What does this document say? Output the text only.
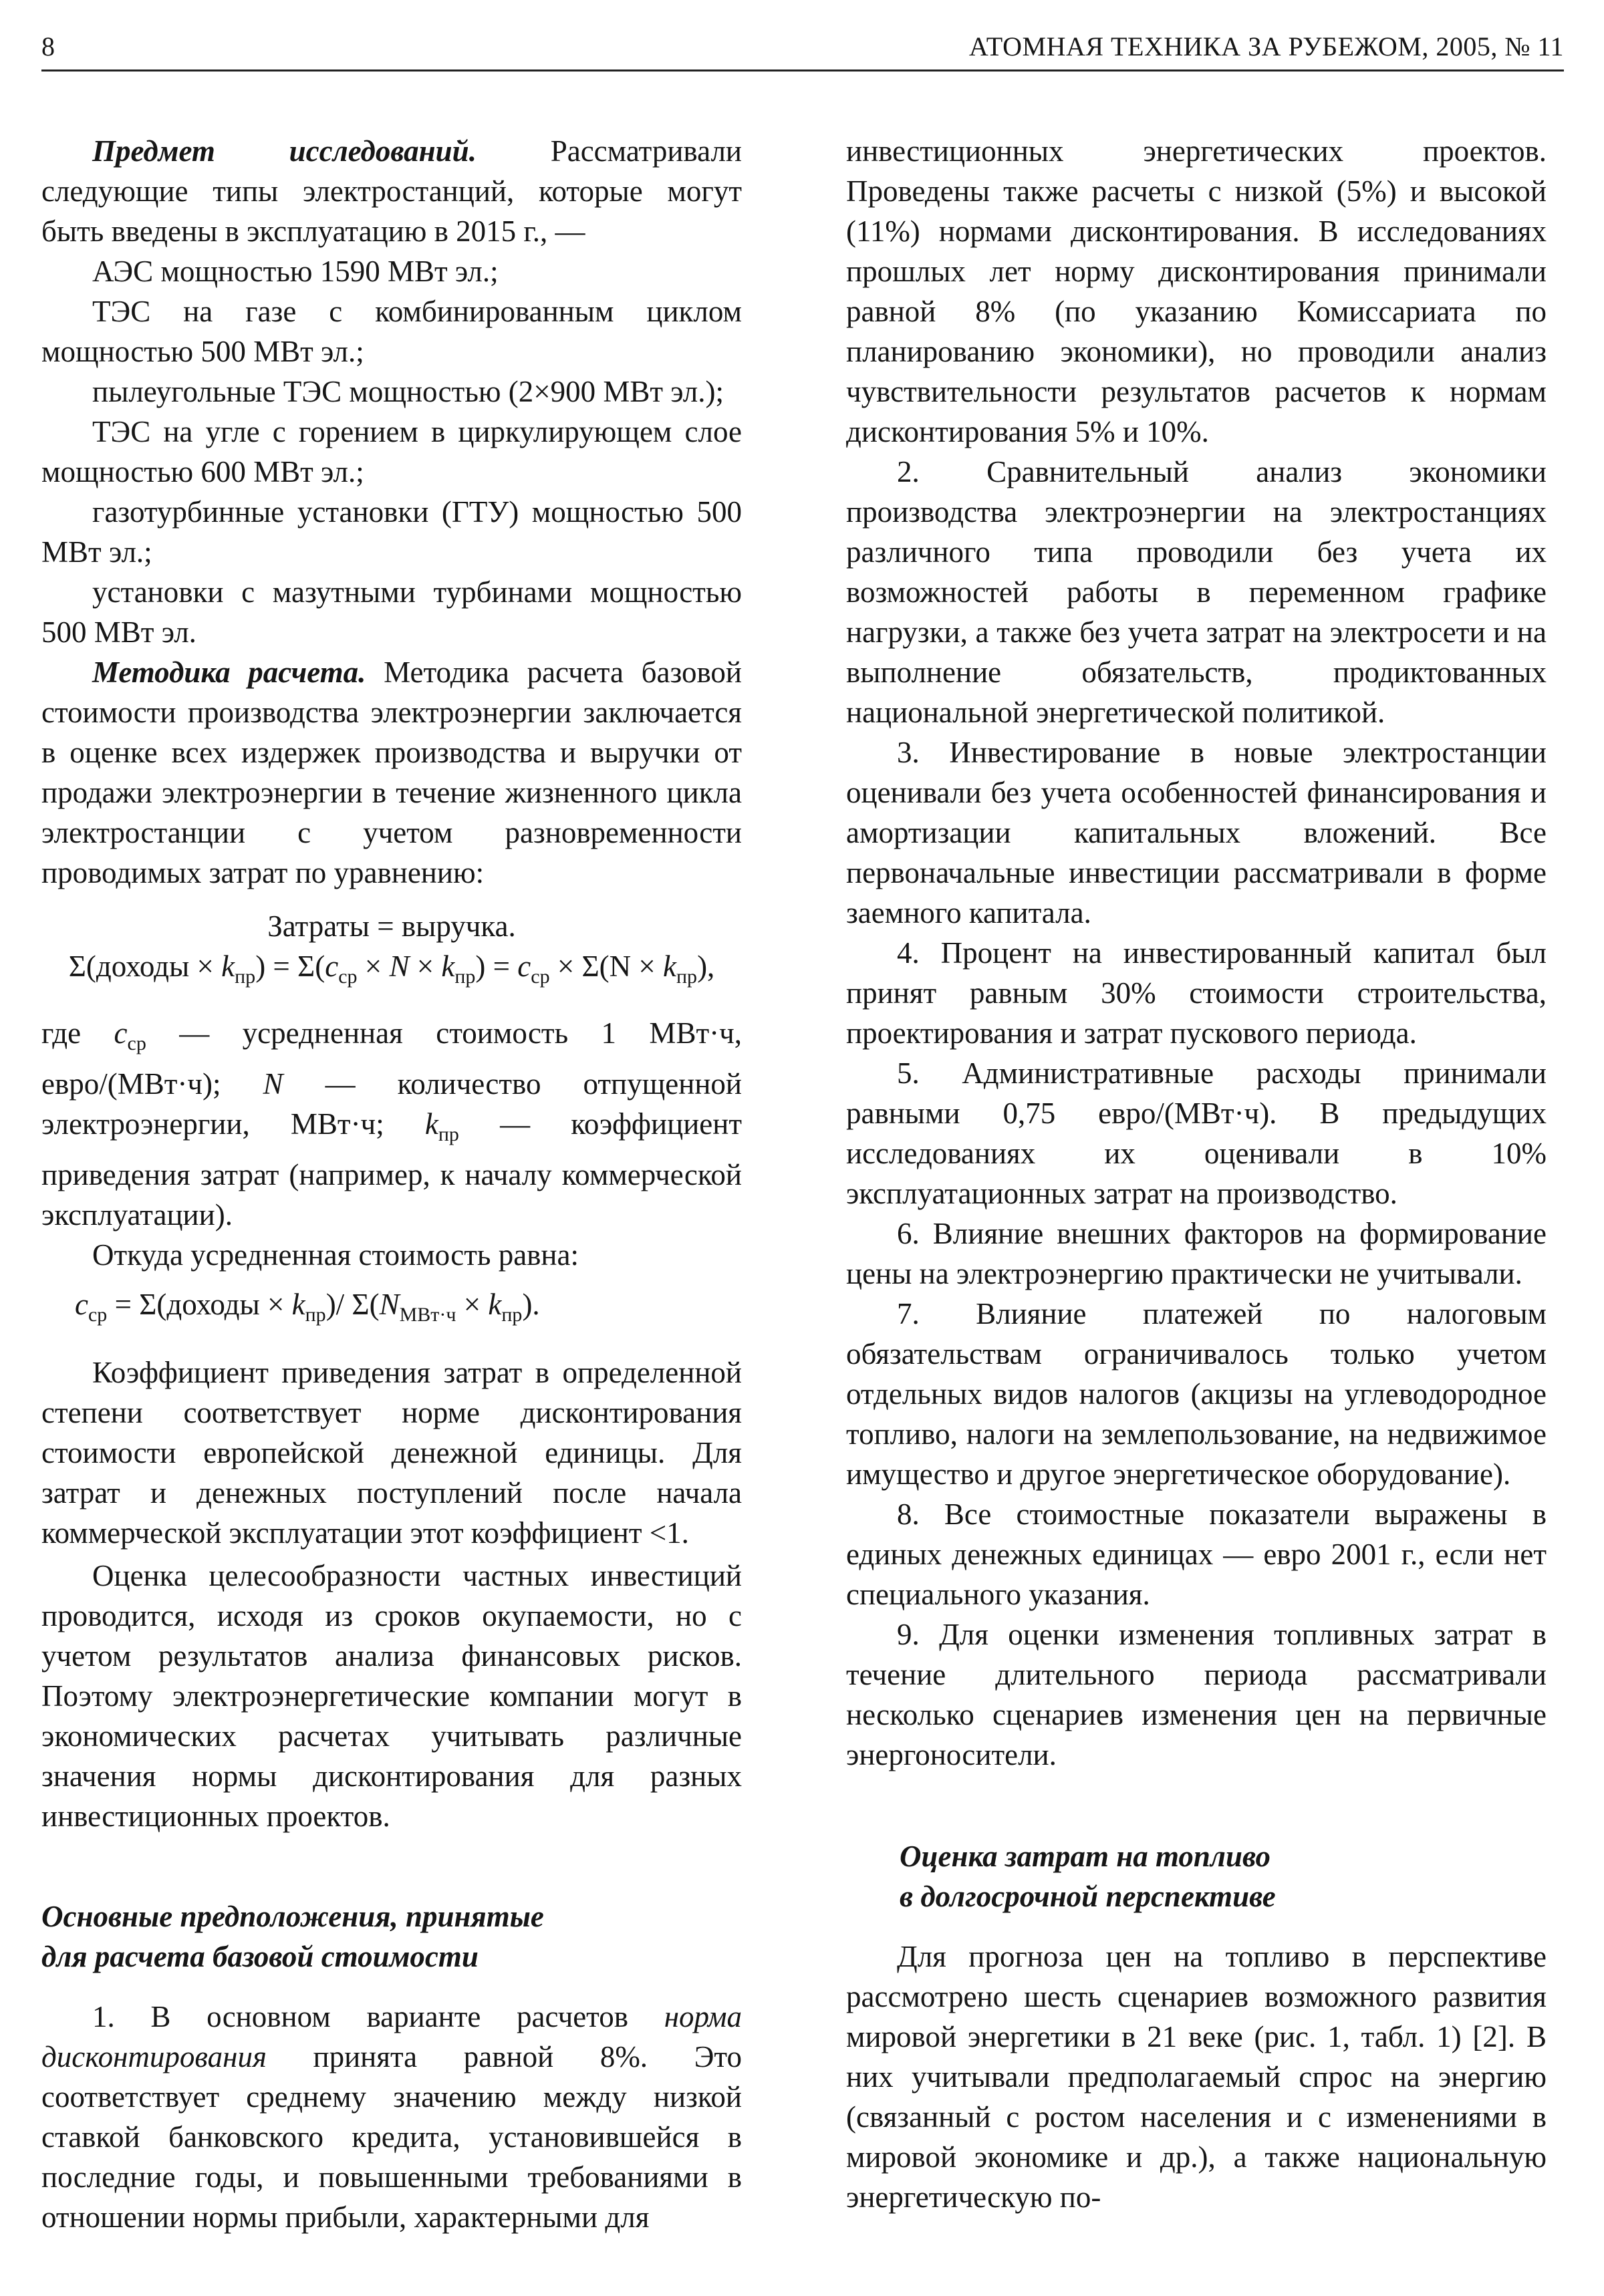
8	АТОМНАЯ ТЕХНИКА ЗА РУБЕЖОМ, 2005, № 11

Предмет исследований. Рассматривали следующие типы электростанций, которые могут быть введены в эксплуатацию в 2015 г., —

АЭС мощностью 1590 МВт эл.;

ТЭС на газе с комбинированным циклом мощностью 500 МВт эл.;

пылеугольные ТЭС мощностью (2×900 МВт эл.);

ТЭС на угле с горением в циркулирующем слое мощностью 600 МВт эл.;

газотурбинные установки (ГТУ) мощностью 500 МВт эл.;

установки с мазутными турбинами мощностью 500 МВт эл.

Методика расчета. Методика расчета базовой стоимости производства электроэнергии заключается в оценке всех издержек производства и выручки от продажи электроэнергии в течение жизненного цикла электростанции с учетом разновременности проводимых затрат по уравнению:

Затраты = выручка.
Σ(доходы × $k_{пр}) = \Sigma(c_{ср} \times N \times k_{пр}) = c_{ср} \times \Sigma(N \times k_{пр})$,

где $c_{ср}$ — усредненная стоимость 1 МВт·ч, евро/(МВт·ч); N — количество отпущенной электроэнергии, МВт·ч; $k_{пр}$ — коэффициент приведения затрат (например, к началу коммерческой эксплуатации).

Откуда усредненная стоимость равна:

$c_{ср}$ = Σ(доходы × $k_{пр})/$ $\Sigma(N_{МВт\cdot ч} \times k_{пр})$.

Коэффициент приведения затрат в определенной степени соответствует норме дисконтирования стоимости европейской денежной единицы. Для затрат и денежных поступлений после начала коммерческой эксплуатации этот коэффициент <1.

Оценка целесообразности частных инвестиций проводится, исходя из сроков окупаемости, но с учетом результатов анализа финансовых рисков. Поэтому электроэнергетические компании могут в экономических расчетах учитывать различные значения нормы дисконтирования для разных инвестиционных проектов.

Основные предположения, принятые
для расчета базовой стоимости

1. В основном варианте расчетов норма дисконтирования принята равной 8%. Это соответствует среднему значению между низкой ставкой банковского кредита, установившейся в последние годы, и повышенными требованиями в отношении нормы прибыли, характерными для

инвестиционных энергетических проектов. Проведены также расчеты с низкой (5%) и высокой (11%) нормами дисконтирования. В исследованиях прошлых лет норму дисконтирования принимали равной 8% (по указанию Комиссариата по планированию экономики), но проводили анализ чувствительности результатов расчетов к нормам дисконтирования 5% и 10%.

2. Сравнительный анализ экономики производства электроэнергии на электростанциях различного типа проводили без учета их возможностей работы в переменном графике нагрузки, а также без учета затрат на электросети и на выполнение обязательств, продиктованных национальной энергетической политикой.

3. Инвестирование в новые электростанции оценивали без учета особенностей финансирования и амортизации капитальных вложений. Все первоначальные инвестиции рассматривали в форме заемного капитала.

4. Процент на инвестированный капитал был принят равным 30% стоимости строительства, проектирования и затрат пускового периода.

5. Административные расходы принимали равными 0,75 евро/(МВт·ч). В предыдущих исследованиях их оценивали в 10% эксплуатационных затрат на производство.

6. Влияние внешних факторов на формирование цены на электроэнергию практически не учитывали.

7. Влияние платежей по налоговым обязательствам ограничивалось только учетом отдельных видов налогов (акцизы на углеводородное топливо, налоги на землепользование, на недвижимое имущество и другое энергетическое оборудование).

8. Все стоимостные показатели выражены в единых денежных единицах — евро 2001 г., если нет специального указания.

9. Для оценки изменения топливных затрат в течение длительного периода рассматривали несколько сценариев изменения цен на первичные энергоносители.

Оценка затрат на топливо
в долгосрочной перспективе

Для прогноза цен на топливо в перспективе рассмотрено шесть сценариев возможного развития мировой энергетики в 21 веке (рис. 1, табл. 1) [2]. В них учитывали предполагаемый спрос на энергию (связанный с ростом населения и с изменениями в мировой экономике и др.), а также национальную энергетическую по-
